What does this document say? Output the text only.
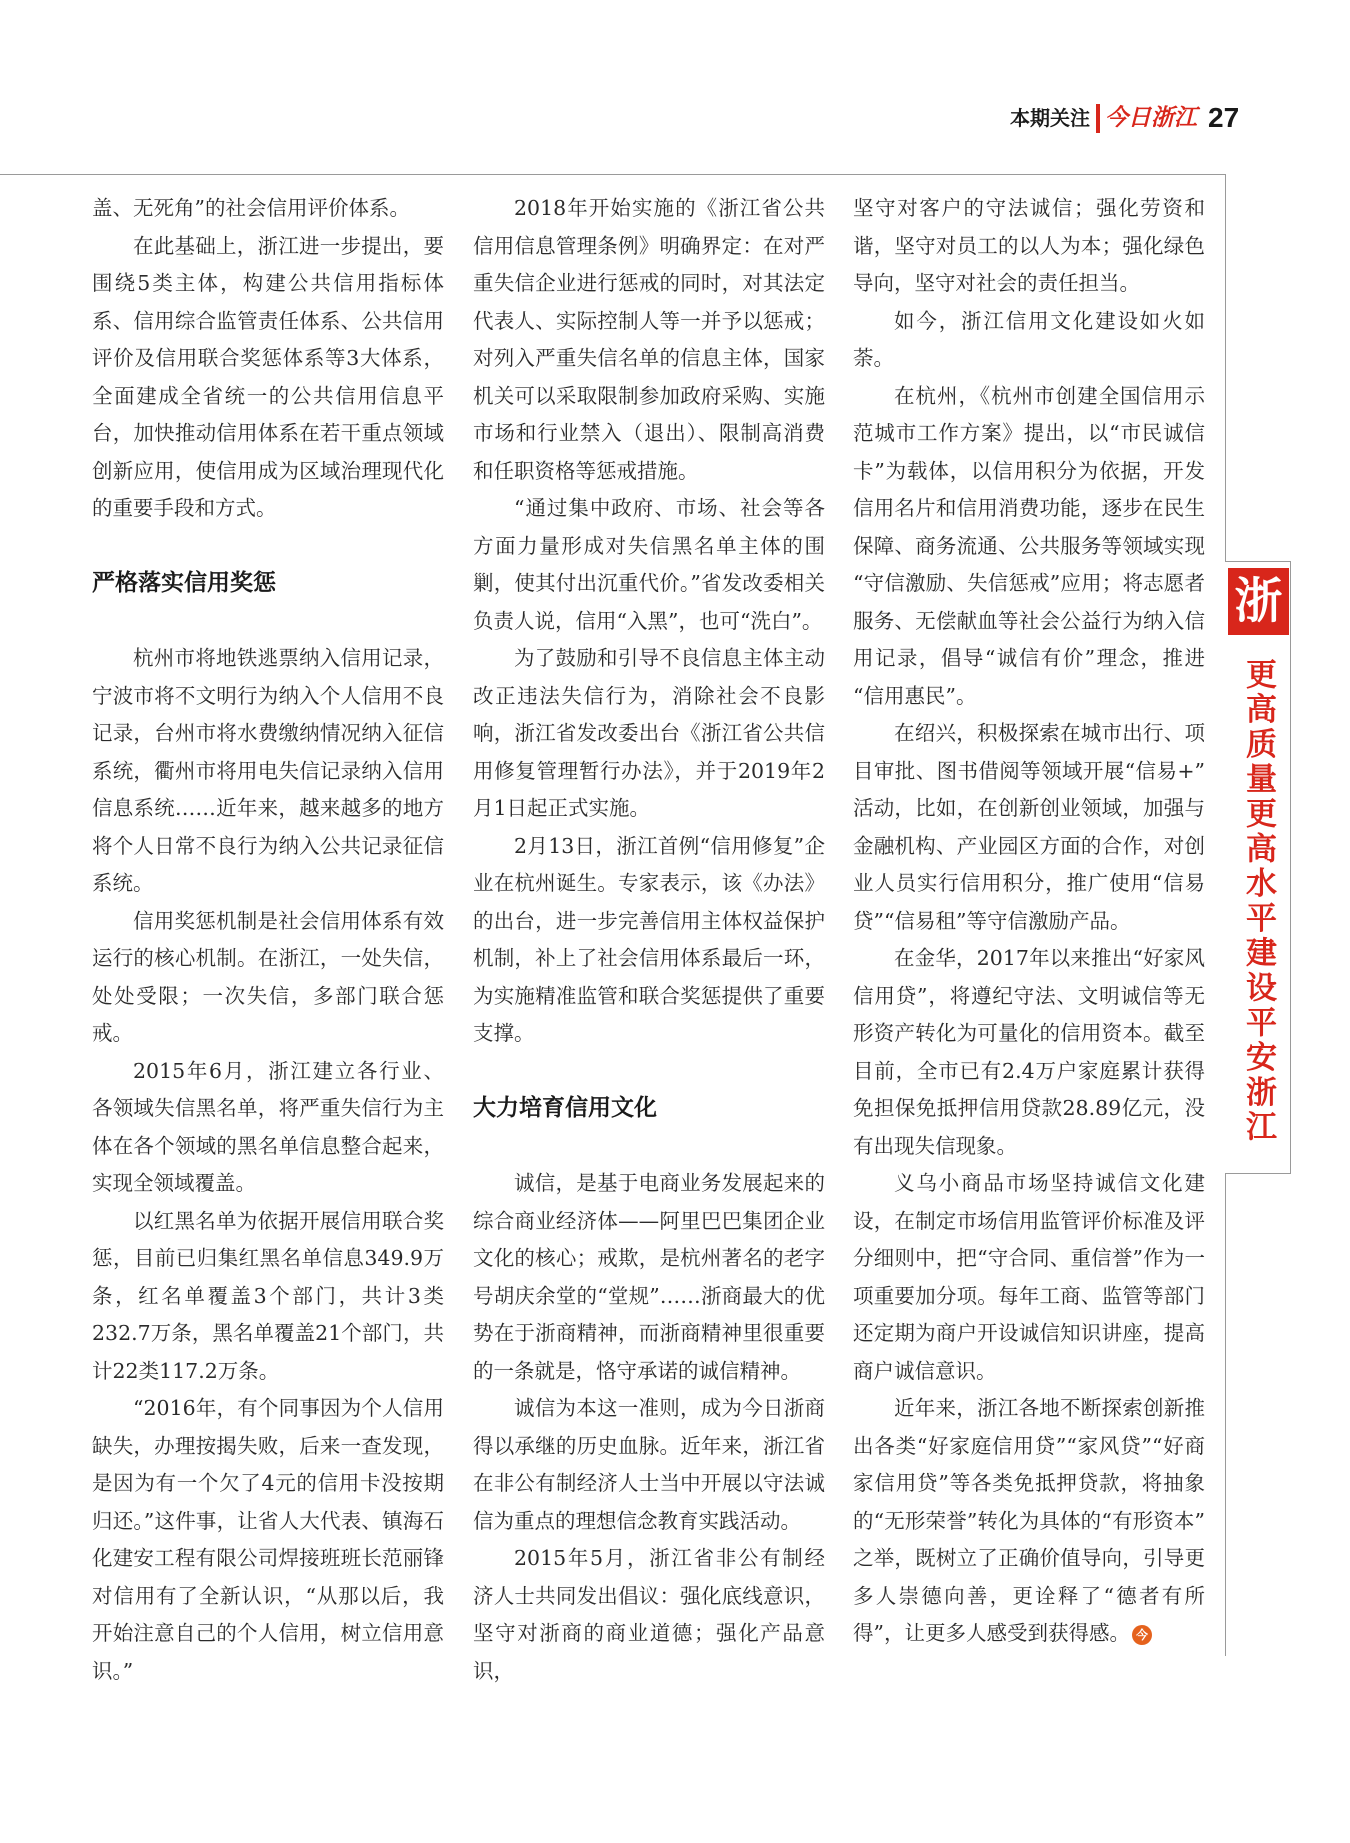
本期关注 今日浙江 27

盖、无死角”的社会信用评价体系。

在此基础上，浙江进一步提出，要围绕5类主体，构建公共信用指标体系、信用综合监管责任体系、公共信用评价及信用联合奖惩体系等3大体系，全面建成全省统一的公共信用信息平台，加快推动信用体系在若干重点领域创新应用，使信用成为区域治理现代化的重要手段和方式。

严格落实信用奖惩

杭州市将地铁逃票纳入信用记录，宁波市将不文明行为纳入个人信用不良记录，台州市将水费缴纳情况纳入征信系统，衢州市将用电失信记录纳入信用信息系统……近年来，越来越多的地方将个人日常不良行为纳入公共记录征信系统。

信用奖惩机制是社会信用体系有效运行的核心机制。在浙江，一处失信，处处受限；一次失信，多部门联合惩戒。

2015年6月，浙江建立各行业、各领域失信黑名单，将严重失信行为主体在各个领域的黑名单信息整合起来，实现全领域覆盖。

以红黑名单为依据开展信用联合奖惩，目前已归集红黑名单信息349.9万条，红名单覆盖3个部门，共计3类232.7万条，黑名单覆盖21个部门，共计22类117.2万条。

“2016年，有个同事因为个人信用缺失，办理按揭失败，后来一查发现，是因为有一个欠了4元的信用卡没按期归还。”这件事，让省人大代表、镇海石化建安工程有限公司焊接班班长范丽锋对信用有了全新认识，“从那以后，我开始注意自己的个人信用，树立信用意识。”

2018年开始实施的《浙江省公共信用信息管理条例》明确界定：在对严重失信企业进行惩戒的同时，对其法定代表人、实际控制人等一并予以惩戒；对列入严重失信名单的信息主体，国家机关可以采取限制参加政府采购、实施市场和行业禁入（退出）、限制高消费和任职资格等惩戒措施。

“通过集中政府、市场、社会等各方面力量形成对失信黑名单主体的围剿，使其付出沉重代价。”省发改委相关负责人说，信用“入黑”，也可“洗白”。

为了鼓励和引导不良信息主体主动改正违法失信行为，消除社会不良影响，浙江省发改委出台《浙江省公共信用修复管理暂行办法》，并于2019年2月1日起正式实施。

2月13日，浙江首例“信用修复”企业在杭州诞生。专家表示，该《办法》的出台，进一步完善信用主体权益保护机制，补上了社会信用体系最后一环，为实施精准监管和联合奖惩提供了重要支撑。

大力培育信用文化

诚信，是基于电商业务发展起来的综合商业经济体——阿里巴巴集团企业文化的核心；戒欺，是杭州著名的老字号胡庆余堂的“堂规”……浙商最大的优势在于浙商精神，而浙商精神里很重要的一条就是，恪守承诺的诚信精神。

诚信为本这一准则，成为今日浙商得以承继的历史血脉。近年来，浙江省在非公有制经济人士当中开展以守法诚信为重点的理想信念教育实践活动。

2015年5月，浙江省非公有制经济人士共同发出倡议：强化底线意识，坚守对浙商的商业道德；强化产品意识，

坚守对客户的守法诚信；强化劳资和谐，坚守对员工的以人为本；强化绿色导向，坚守对社会的责任担当。

如今，浙江信用文化建设如火如荼。

在杭州，《杭州市创建全国信用示范城市工作方案》提出，以“市民诚信卡”为载体，以信用积分为依据，开发信用名片和信用消费功能，逐步在民生保障、商务流通、公共服务等领域实现“守信激励、失信惩戒”应用；将志愿者服务、无偿献血等社会公益行为纳入信用记录，倡导“诚信有价”理念，推进“信用惠民”。

在绍兴，积极探索在城市出行、项目审批、图书借阅等领域开展“信易+”活动，比如，在创新创业领域，加强与金融机构、产业园区方面的合作，对创业人员实行信用积分，推广使用“信易贷”“信易租”等守信激励产品。

在金华，2017年以来推出“好家风信用贷”，将遵纪守法、文明诚信等无形资产转化为可量化的信用资本。截至目前，全市已有2.4万户家庭累计获得免担保免抵押信用贷款28.89亿元，没有出现失信现象。

义乌小商品市场坚持诚信文化建设，在制定市场信用监管评价标准及评分细则中，把“守合同、重信誉”作为一项重要加分项。每年工商、监管等部门还定期为商户开设诚信知识讲座，提高商户诚信意识。

近年来，浙江各地不断探索创新推出各类“好家庭信用贷”“家风贷”“好商家信用贷”等各类免抵押贷款，将抽象的“无形荣誉”转化为具体的“有形资本”之举，既树立了正确价值导向，引导更多人崇德向善，更诠释了“德者有所得”，让更多人感受到获得感。 今

浙
更高质量更高水平建设平安浙江
